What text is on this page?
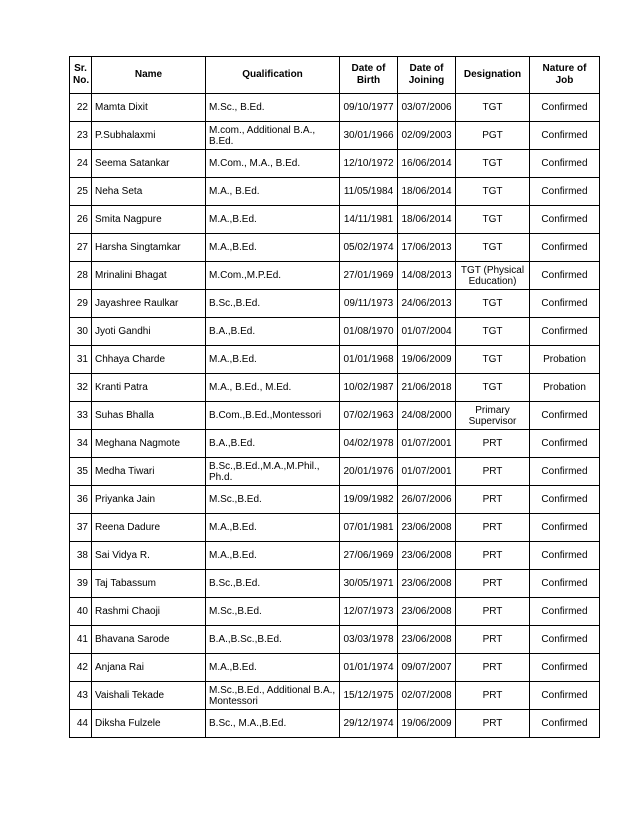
Sr. No.	Name	Qualification	Date of Birth	Date of Joining	Designation	Nature of Job
22	Mamta Dixit	M.Sc., B.Ed.	09/10/1977	03/07/2006	TGT	Confirmed
23	P.Subhalaxmi	M.com., Additional B.A., B.Ed.	30/01/1966	02/09/2003	PGT	Confirmed
24	Seema Satankar	M.Com., M.A., B.Ed.	12/10/1972	16/06/2014	TGT	Confirmed
25	Neha Seta	M.A., B.Ed.	11/05/1984	18/06/2014	TGT	Confirmed
26	Smita Nagpure	M.A.,B.Ed.	14/11/1981	18/06/2014	TGT	Confirmed
27	Harsha Singtamkar	M.A.,B.Ed.	05/02/1974	17/06/2013	TGT	Confirmed
28	Mrinalini Bhagat	M.Com.,M.P.Ed.	27/01/1969	14/08/2013	TGT (Physical Education)	Confirmed
29	Jayashree Raulkar	B.Sc.,B.Ed.	09/11/1973	24/06/2013	TGT	Confirmed
30	Jyoti Gandhi	B.A.,B.Ed.	01/08/1970	01/07/2004	TGT	Confirmed
31	Chhaya Charde	M.A.,B.Ed.	01/01/1968	19/06/2009	TGT	Probation
32	Kranti Patra	M.A., B.Ed., M.Ed.	10/02/1987	21/06/2018	TGT	Probation
33	Suhas Bhalla	B.Com.,B.Ed.,Montessori	07/02/1963	24/08/2000	Primary Supervisor	Confirmed
34	Meghana Nagmote	B.A.,B.Ed.	04/02/1978	01/07/2001	PRT	Confirmed
35	Medha Tiwari	B.Sc.,B.Ed.,M.A.,M.Phil., Ph.d.	20/01/1976	01/07/2001	PRT	Confirmed
36	Priyanka Jain	M.Sc.,B.Ed.	19/09/1982	26/07/2006	PRT	Confirmed
37	Reena Dadure	M.A.,B.Ed.	07/01/1981	23/06/2008	PRT	Confirmed
38	Sai Vidya R.	M.A.,B.Ed.	27/06/1969	23/06/2008	PRT	Confirmed
39	Taj Tabassum	B.Sc.,B.Ed.	30/05/1971	23/06/2008	PRT	Confirmed
40	Rashmi Chaoji	M.Sc.,B.Ed.	12/07/1973	23/06/2008	PRT	Confirmed
41	Bhavana Sarode	B.A.,B.Sc.,B.Ed.	03/03/1978	23/06/2008	PRT	Confirmed
42	Anjana Rai	M.A.,B.Ed.	01/01/1974	09/07/2007	PRT	Confirmed
43	Vaishali Tekade	M.Sc.,B.Ed., Additional B.A., Montessori	15/12/1975	02/07/2008	PRT	Confirmed
44	Diksha Fulzele	B.Sc., M.A.,B.Ed.	29/12/1974	19/06/2009	PRT	Confirmed
